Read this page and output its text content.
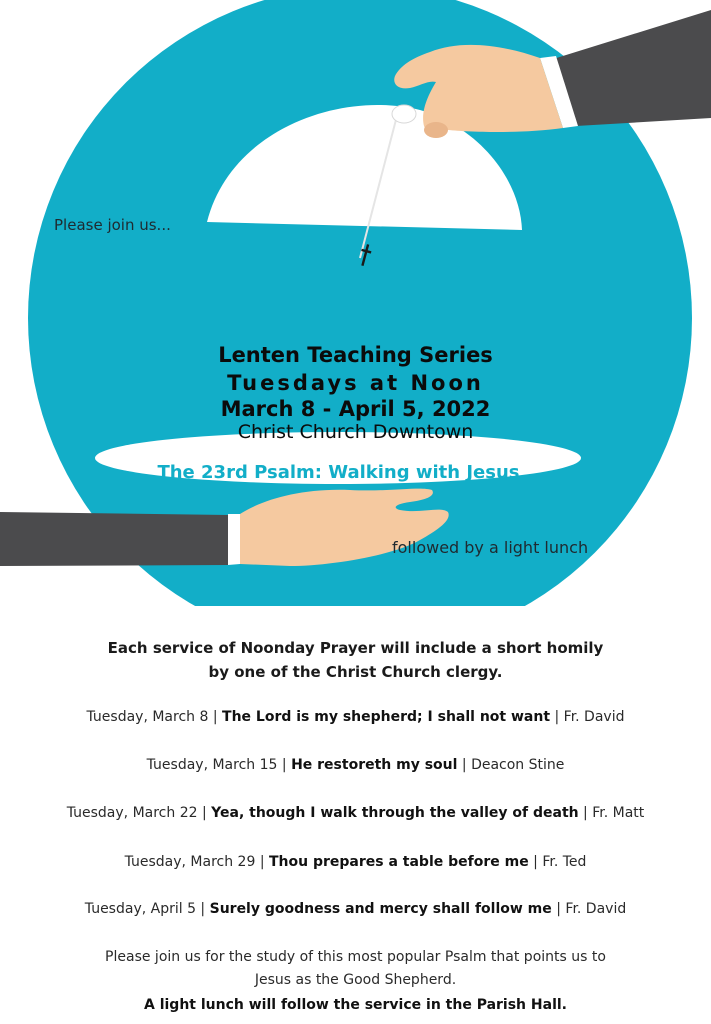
Please join us...

followed by a light lunch

Lenten Teaching Series

Tuesdays at Noon

March 8 - April 5, 2022

Christ Church Downtown

The 23rd Psalm: Walking with Jesus

Each service of Noonday Prayer will include a short homily

by one of the Christ Church clergy.

Tuesday, March 8 | The Lord is my shepherd; I shall not want | Fr. David

Tuesday, March 15 | He restoreth my soul | Deacon Stine

Tuesday, March 22 | Yea, though I walk through the valley of death | Fr. Matt

Tuesday, March 29 | Thou prepares a table before me | Fr. Ted

Tuesday, April 5 | Surely goodness and mercy shall follow me | Fr. David

Please join us for the study of this most popular Psalm that points us to

Jesus as the Good Shepherd.

A light lunch will follow the service in the Parish Hall.
